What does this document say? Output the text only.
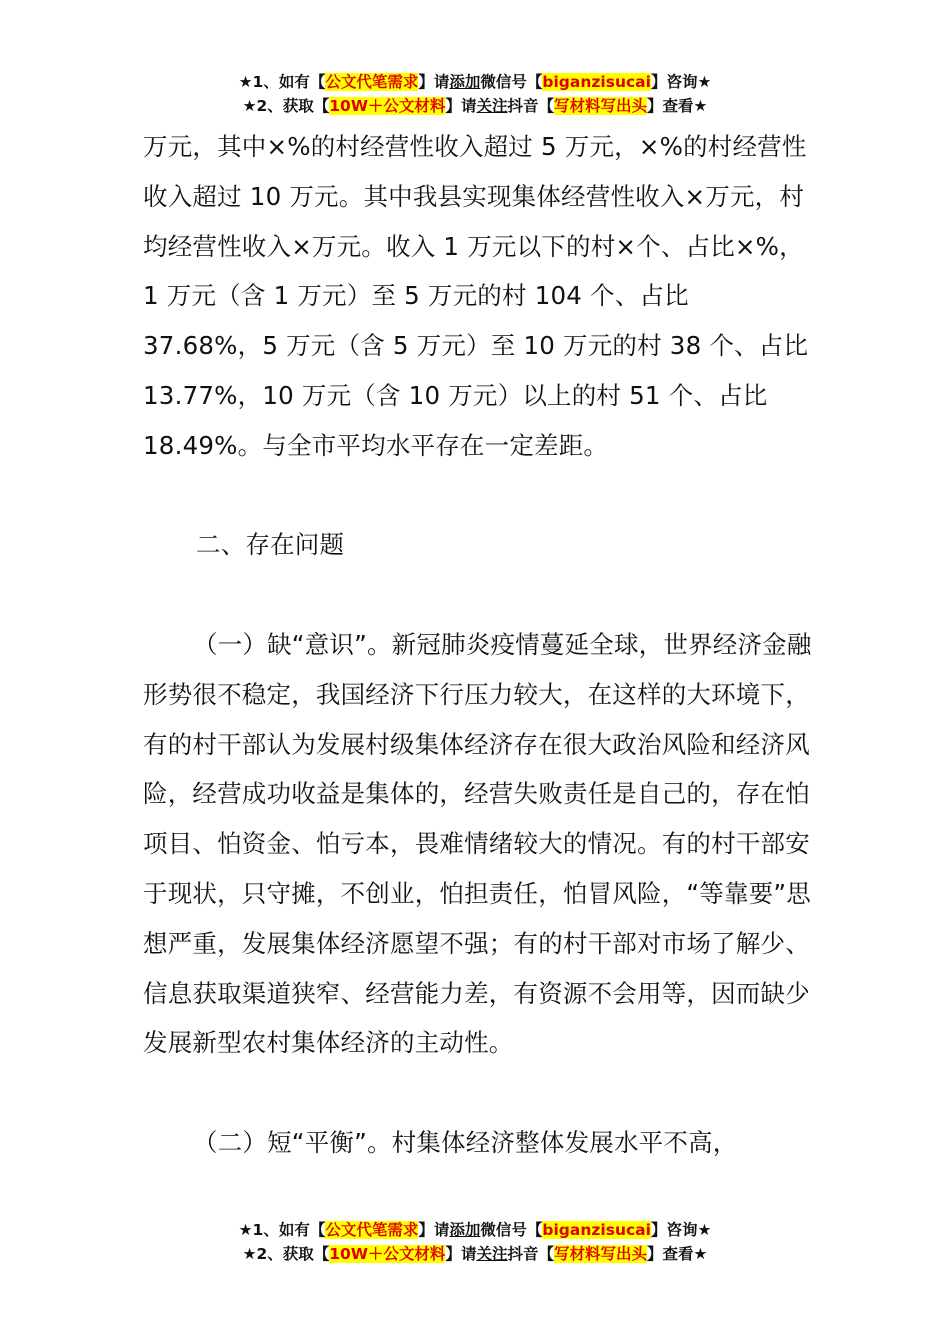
★1、如有【公文代笔需求】请添加微信号【biganzisucai】咨询★
★2、获取【10W＋公文材料】请关注抖音【写材料写出头】查看★

万元，其中×%的村经营性收入超过 5 万元，×%的村经营性收入超过 10 万元。其中我县实现集体经营性收入×万元，村均经营性收入×万元。收入 1 万元以下的村×个、占比×%，1 万元（含 1 万元）至 5 万元的村 104 个、占比 37.68%，5 万元（含 5 万元）至 10 万元的村 38 个、占比 13.77%，10 万元（含 10 万元）以上的村 51 个、占比 18.49%。与全市平均水平存在一定差距。

二、存在问题

（一）缺“意识”。新冠肺炎疫情蔓延全球，世界经济金融形势很不稳定，我国经济下行压力较大，在这样的大环境下，有的村干部认为发展村级集体经济存在很大政治风险和经济风险，经营成功收益是集体的，经营失败责任是自己的，存在怕项目、怕资金、怕亏本，畏难情绪较大的情况。有的村干部安于现状，只守摊，不创业，怕担责任，怕冒风险，“等靠要”思想严重，发展集体经济愿望不强；有的村干部对市场了解少、信息获取渠道狭窄、经营能力差，有资源不会用等，因而缺少发展新型农村集体经济的主动性。

（二）短“平衡”。村集体经济整体发展水平不高，

★1、如有【公文代笔需求】请添加微信号【biganzisucai】咨询★
★2、获取【10W＋公文材料】请关注抖音【写材料写出头】查看★
